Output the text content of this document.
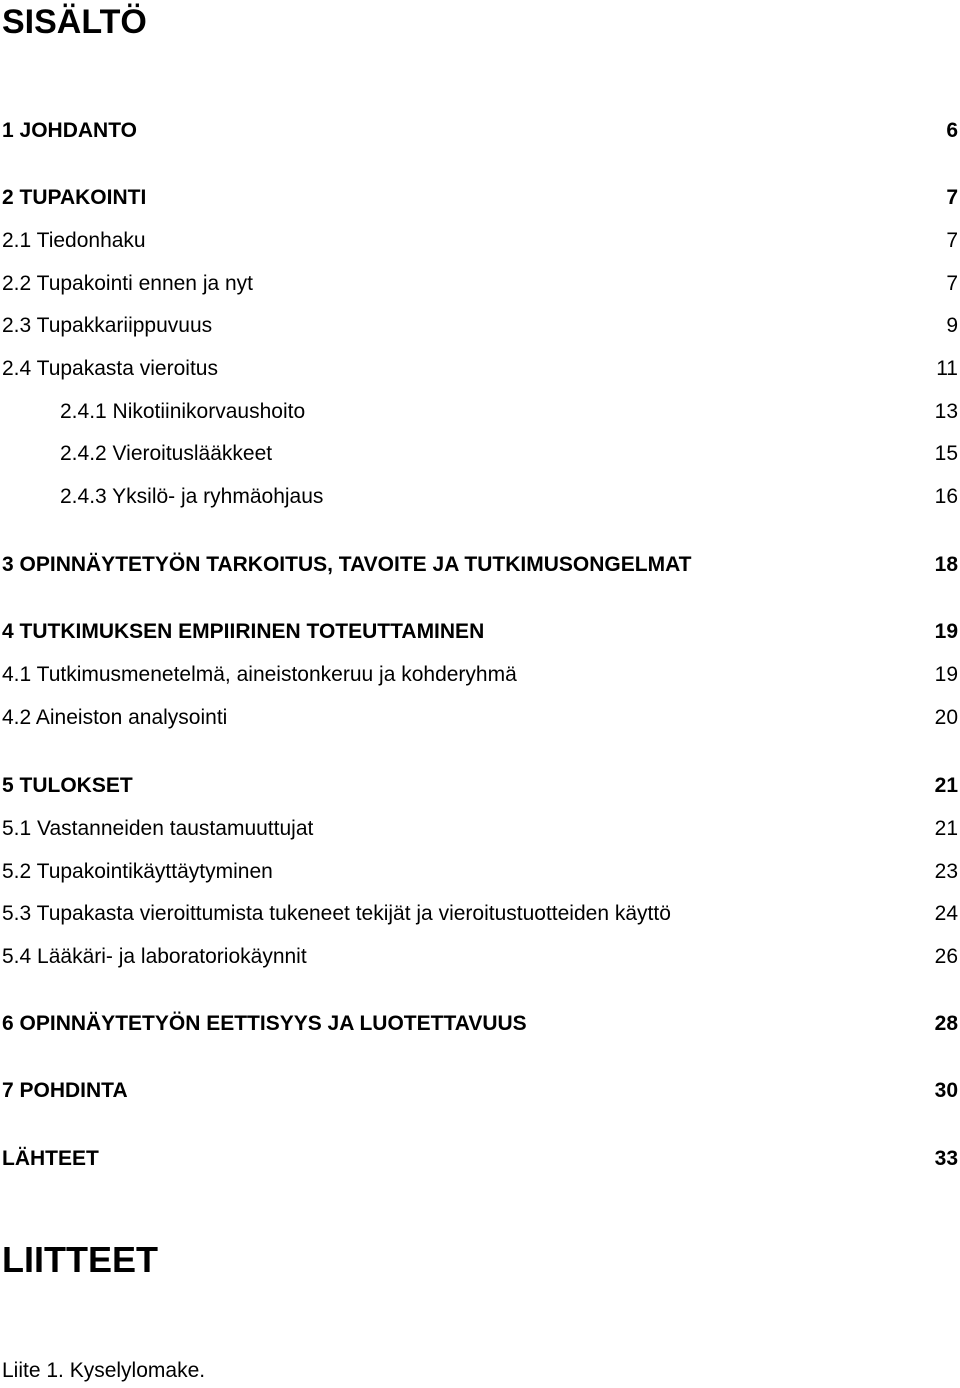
SISÄLTÖ
1 JOHDANTO	6
2 TUPAKOINTI	7
2.1 Tiedonhaku	7
2.2 Tupakointi ennen ja nyt	7
2.3 Tupakkariippuvuus	9
2.4 Tupakasta vieroitus	11
2.4.1 Nikotiinikorvaushoito	13
2.4.2 Vieroituslääkkeet	15
2.4.3 Yksilö- ja ryhmäohjaus	16
3 OPINNÄYTETYÖN TARKOITUS, TAVOITE JA TUTKIMUSONGELMAT	18
4 TUTKIMUKSEN EMPIIRINEN TOTEUTTAMINEN	19
4.1 Tutkimusmenetelmä, aineistonkeruu ja kohderyhmä	19
4.2 Aineiston analysointi	20
5 TULOKSET	21
5.1 Vastanneiden taustamuuttujat	21
5.2 Tupakointikäyttäytyminen	23
5.3 Tupakasta vieroittumista tukeneet tekijät ja vieroitustuotteiden käyttö	24
5.4 Lääkäri- ja laboratoriokäynnit	26
6 OPINNÄYTETYÖN EETTISYYS JA LUOTETTAVUUS	28
7 POHDINTA	30
LÄHTEET	33
LIITTEET
Liite 1. Kyselylomake.
